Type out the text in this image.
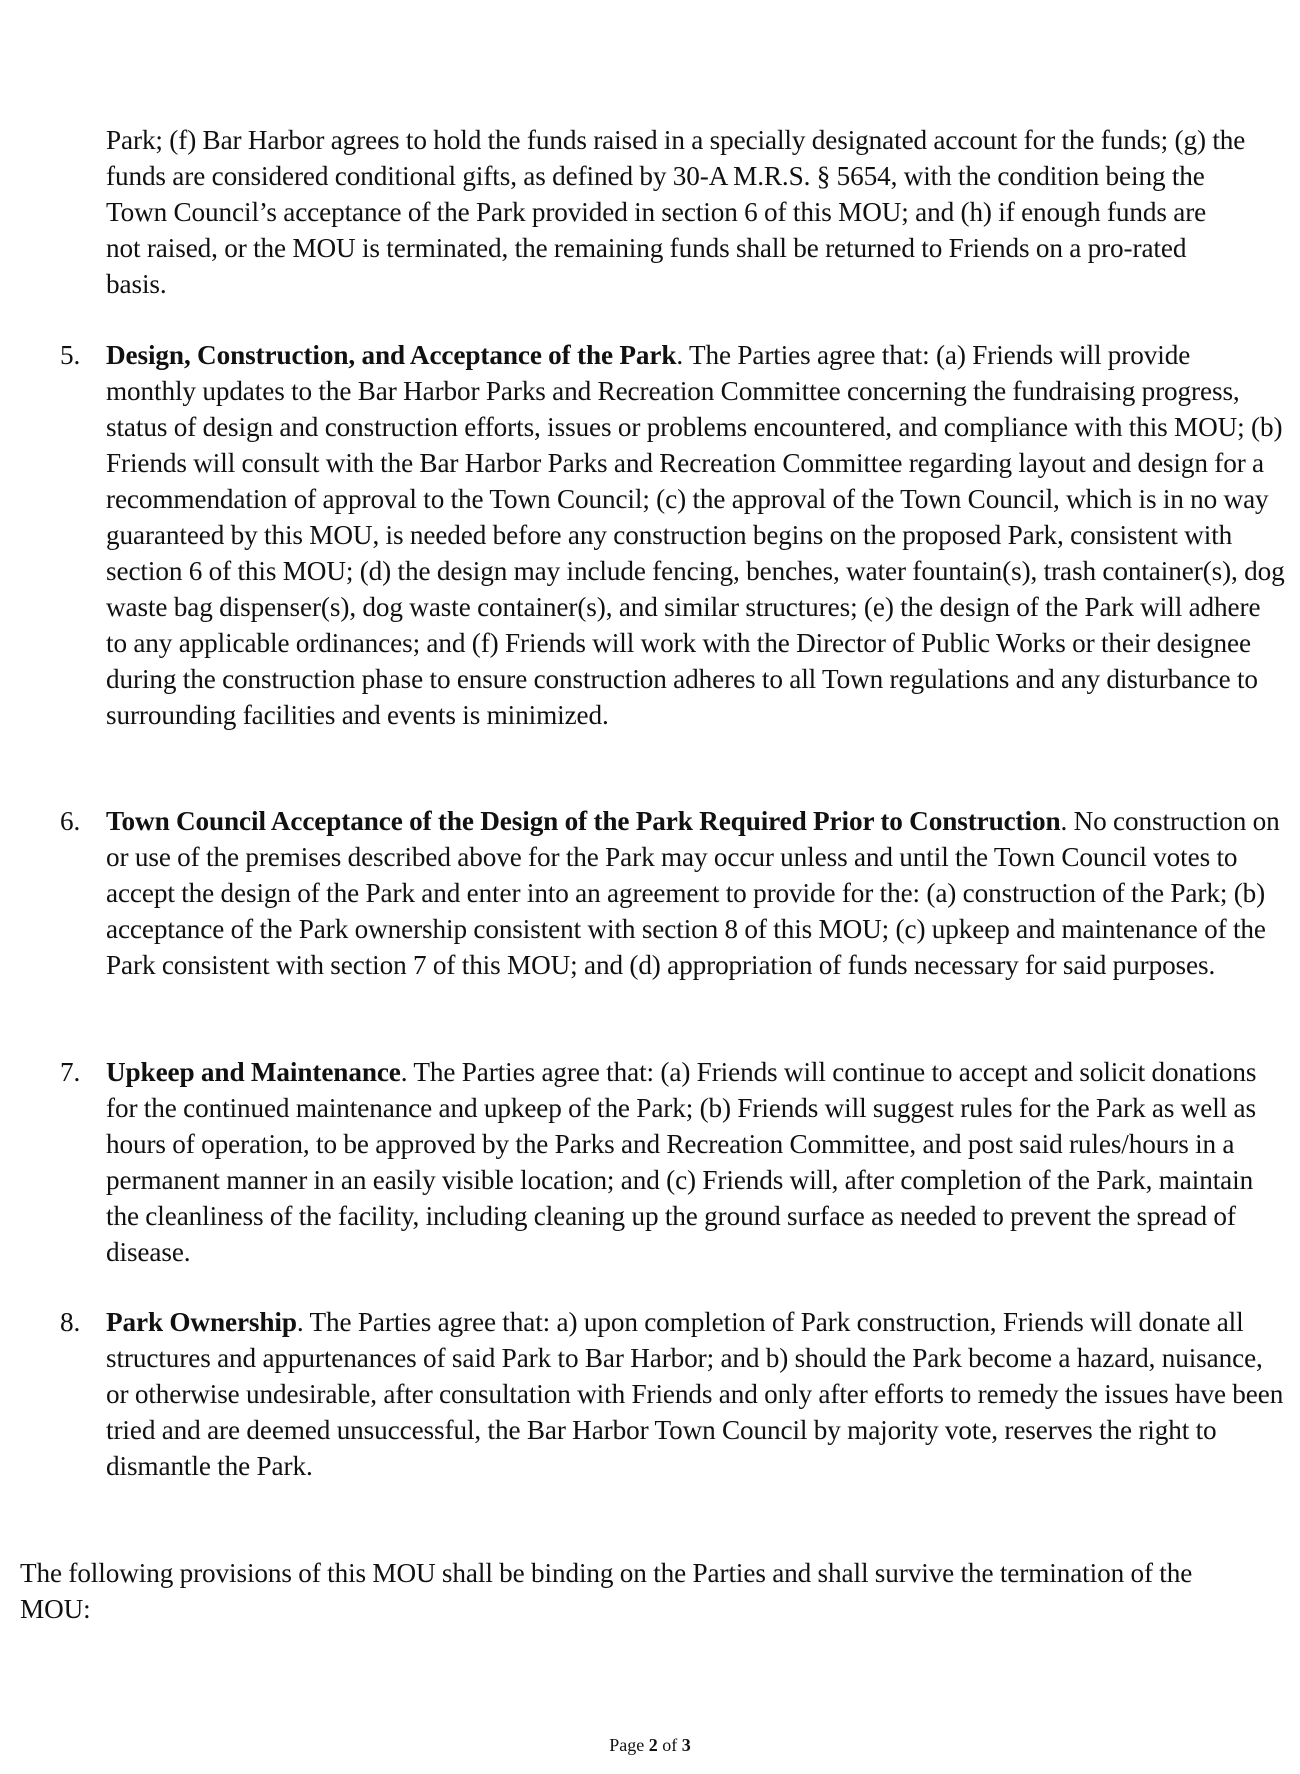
Park; (f) Bar Harbor agrees to hold the funds raised in a specially designated account for the funds; (g) the funds are considered conditional gifts, as defined by 30-A M.R.S. § 5654, with the condition being the Town Council’s acceptance of the Park provided in section 6 of this MOU; and (h) if enough funds are not raised, or the MOU is terminated, the remaining funds shall be returned to Friends on a pro-rated basis.

5. Design, Construction, and Acceptance of the Park. The Parties agree that: (a) Friends will provide monthly updates to the Bar Harbor Parks and Recreation Committee concerning the fundraising progress, status of design and construction efforts, issues or problems encountered, and compliance with this MOU; (b) Friends will consult with the Bar Harbor Parks and Recreation Committee regarding layout and design for a recommendation of approval to the Town Council; (c) the approval of the Town Council, which is in no way guaranteed by this MOU, is needed before any construction begins on the proposed Park, consistent with section 6 of this MOU; (d) the design may include fencing, benches, water fountain(s), trash container(s), dog waste bag dispenser(s), dog waste container(s), and similar structures; (e) the design of the Park will adhere to any applicable ordinances; and (f) Friends will work with the Director of Public Works or their designee during the construction phase to ensure construction adheres to all Town regulations and any disturbance to surrounding facilities and events is minimized.
6. Town Council Acceptance of the Design of the Park Required Prior to Construction. No construction on or use of the premises described above for the Park may occur unless and until the Town Council votes to accept the design of the Park and enter into an agreement to provide for the: (a) construction of the Park; (b) acceptance of the Park ownership consistent with section 8 of this MOU; (c) upkeep and maintenance of the Park consistent with section 7 of this MOU; and (d) appropriation of funds necessary for said purposes.
7. Upkeep and Maintenance. The Parties agree that: (a) Friends will continue to accept and solicit donations for the continued maintenance and upkeep of the Park; (b) Friends will suggest rules for the Park as well as hours of operation, to be approved by the Parks and Recreation Committee, and post said rules/hours in a permanent manner in an easily visible location; and (c) Friends will, after completion of the Park, maintain the cleanliness of the facility, including cleaning up the ground surface as needed to prevent the spread of disease.
8. Park Ownership. The Parties agree that: a) upon completion of Park construction, Friends will donate all structures and appurtenances of said Park to Bar Harbor; and b) should the Park become a hazard, nuisance, or otherwise undesirable, after consultation with Friends and only after efforts to remedy the issues have been tried and are deemed unsuccessful, the Bar Harbor Town Council by majority vote, reserves the right to dismantle the Park.

The following provisions of this MOU shall be binding on the Parties and shall survive the termination of the MOU:

Page 2 of 3
